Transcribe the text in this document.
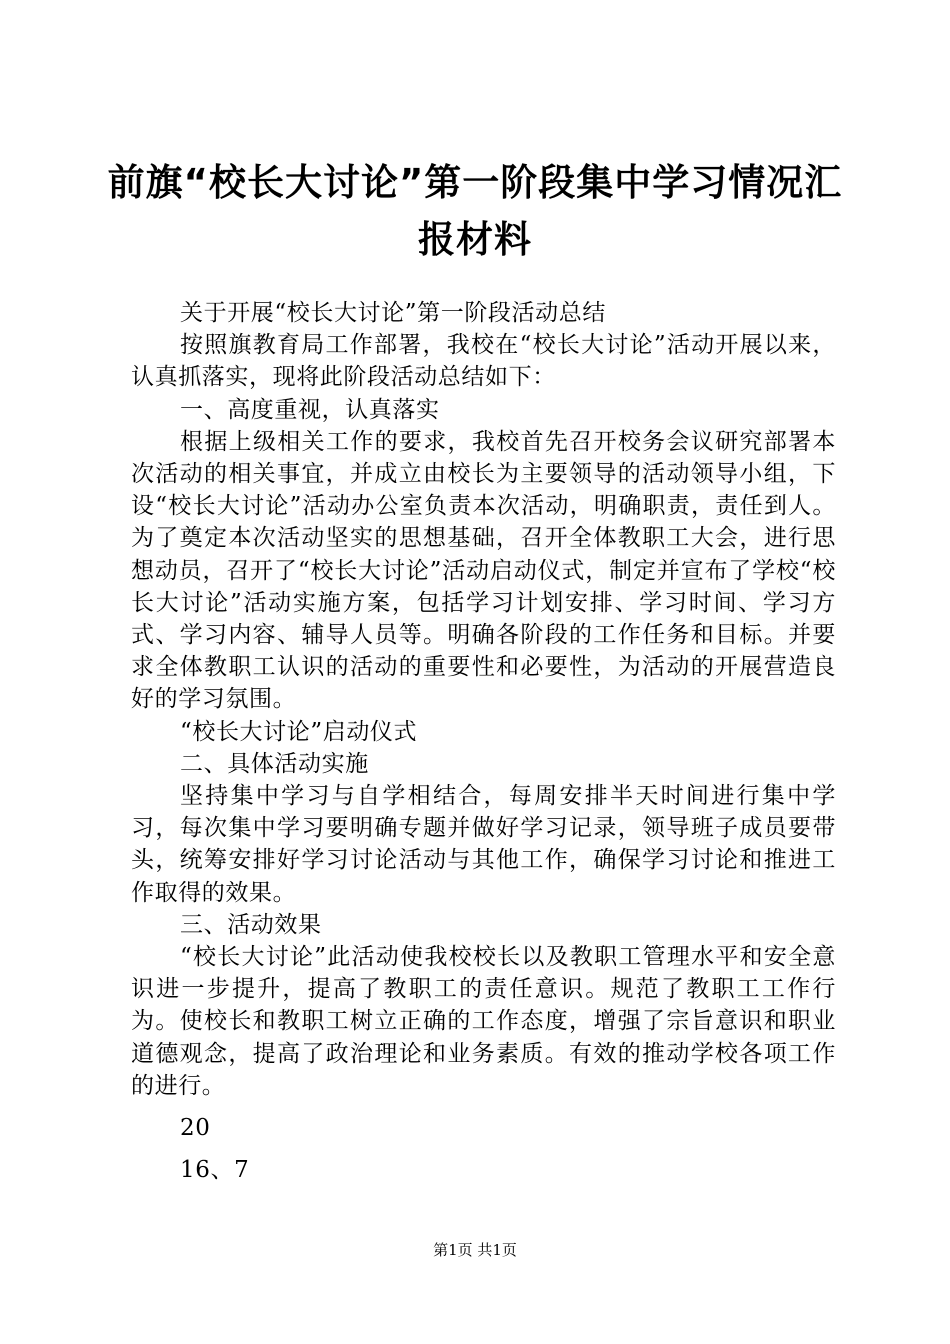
前旗“校长大讨论”第一阶段集中学习情况汇
报材料

关于开展“校长大讨论”第一阶段活动总结

按照旗教育局工作部署，我校在“校长大讨论”活动开展以来，认真抓落实，现将此阶段活动总结如下：

一、高度重视，认真落实

根据上级相关工作的要求，我校首先召开校务会议研究部署本次活动的相关事宜，并成立由校长为主要领导的活动领导小组，下设“校长大讨论”活动办公室负责本次活动，明确职责，责任到人。为了奠定本次活动坚实的思想基础，召开全体教职工大会，进行思想动员，召开了“校长大讨论”活动启动仪式，制定并宣布了学校“校长大讨论”活动实施方案，包括学习计划安排、学习时间、学习方式、学习内容、辅导人员等。明确各阶段的工作任务和目标。并要求全体教职工认识的活动的重要性和必要性，为活动的开展营造良好的学习氛围。

“校长大讨论”启动仪式

二、具体活动实施

坚持集中学习与自学相结合，每周安排半天时间进行集中学习，每次集中学习要明确专题并做好学习记录，领导班子成员要带头，统筹安排好学习讨论活动与其他工作，确保学习讨论和推进工作取得的效果。

三、活动效果

“校长大讨论”此活动使我校校长以及教职工管理水平和安全意识进一步提升，提高了教职工的责任意识。规范了教职工工作行为。使校长和教职工树立正确的工作态度，增强了宗旨意识和职业道德观念，提高了政治理论和业务素质。有效的推动学校各项工作的进行。

20

16、7

第1页 共1页
